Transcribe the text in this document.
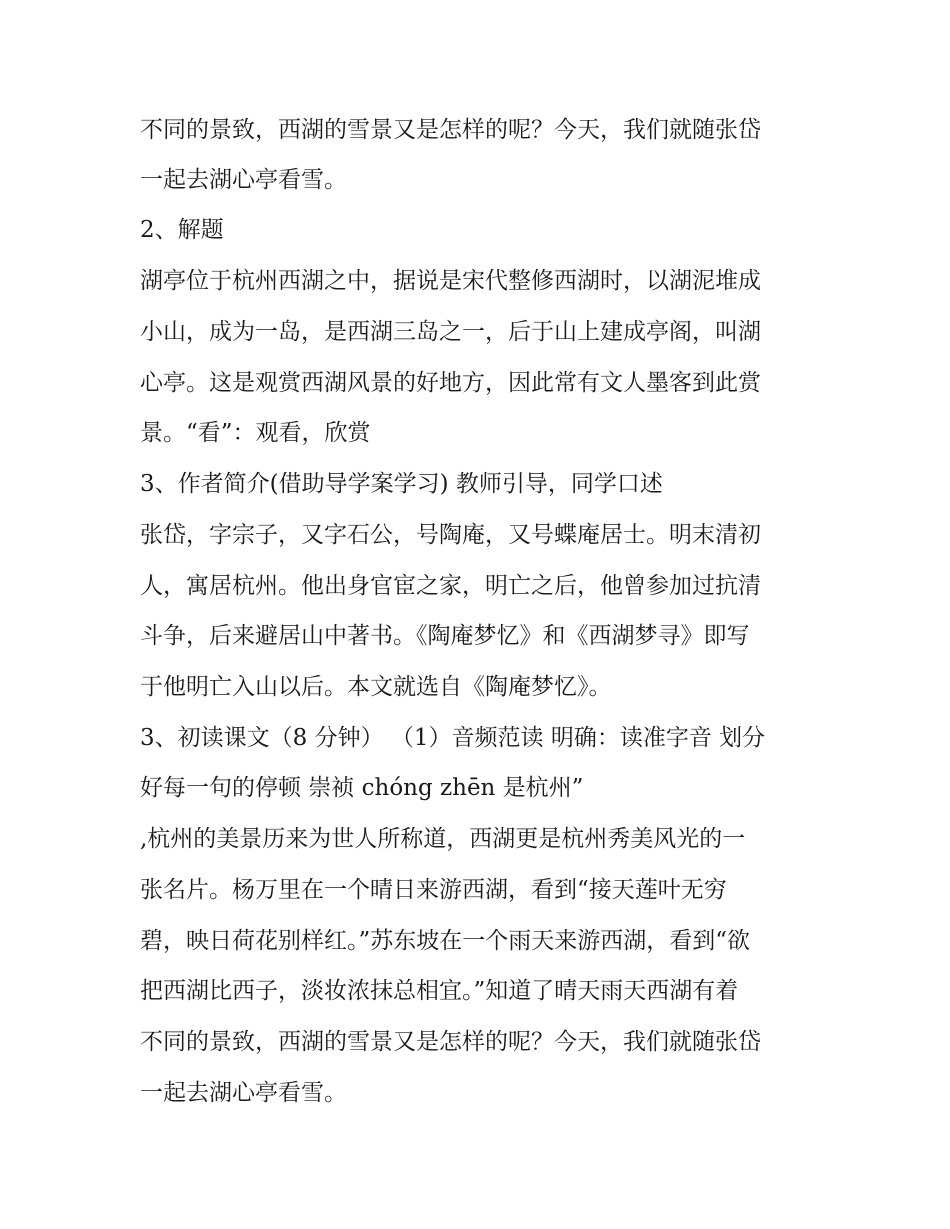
不同的景致，西湖的雪景又是怎样的呢？今天，我们就随张岱
一起去湖心亭看雪。
2、解题
湖亭位于杭州西湖之中，据说是宋代整修西湖时，以湖泥堆成
小山，成为一岛，是西湖三岛之一，后于山上建成亭阁，叫湖
心亭。这是观赏西湖风景的好地方，因此常有文人墨客到此赏
景。“看”：观看，欣赏
3、作者简介(借助导学案学习) 教师引导，同学口述
张岱，字宗子，又字石公，号陶庵，又号蝶庵居士。明末清初
人，寓居杭州。他出身官宦之家，明亡之后，他曾参加过抗清
斗争，后来避居山中著书。《陶庵梦忆》和《西湖梦寻》即写
于他明亡入山以后。本文就选自《陶庵梦忆》。
3、初读课文（8 分钟） （1）音频范读 明确：读准字音 划分
好每一句的停顿 崇祯 chóng zhēn 是杭州”
,杭州的美景历来为世人所称道，西湖更是杭州秀美风光的一
张名片。杨万里在一个晴日来游西湖，看到“接天莲叶无穷
碧，映日荷花别样红。”苏东坡在一个雨天来游西湖，看到“欲
把西湖比西子，淡妆浓抹总相宜。”知道了晴天雨天西湖有着
不同的景致，西湖的雪景又是怎样的呢？今天，我们就随张岱
一起去湖心亭看雪。
